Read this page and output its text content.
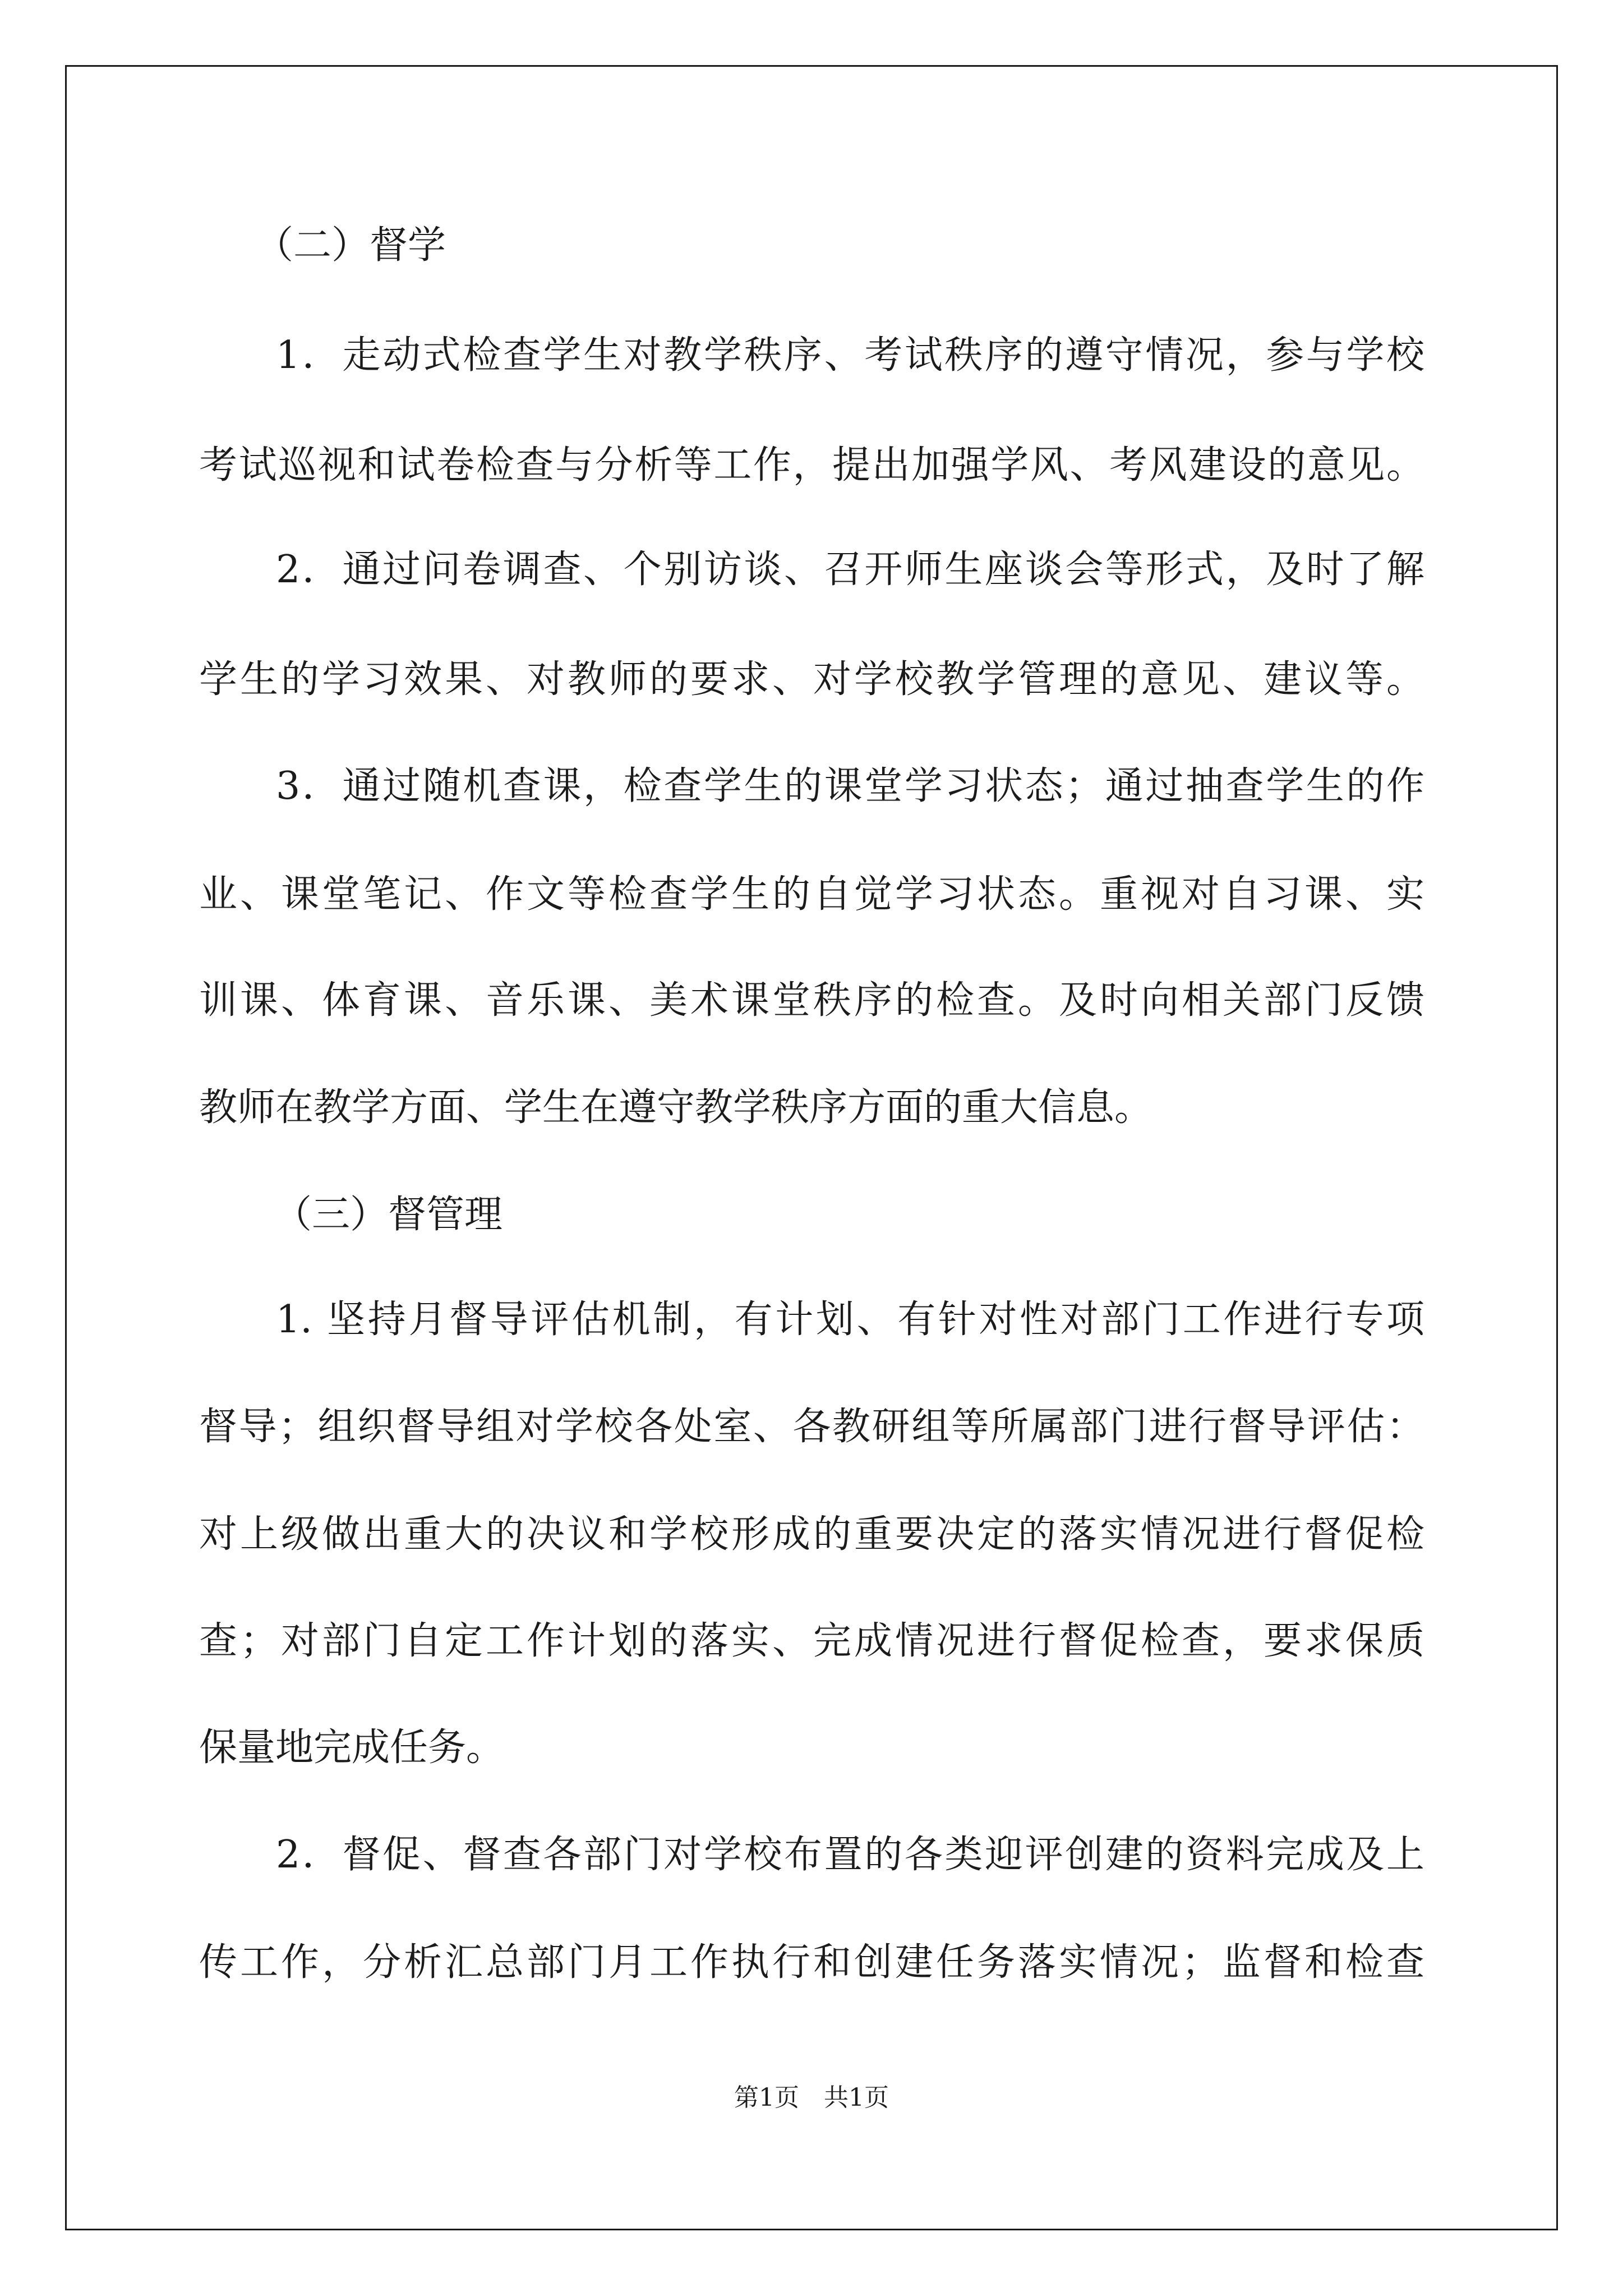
（二）督学

1．走动式检查学生对教学秩序、考试秩序的遵守情况，参与学校

考试巡视和试卷检查与分析等工作，提出加强学风、考风建设的意见。

2．通过问卷调查、个别访谈、召开师生座谈会等形式，及时了解

学生的学习效果、对教师的要求、对学校教学管理的意见、建议等。

3．通过随机查课，检查学生的课堂学习状态；通过抽查学生的作

业、课堂笔记、作文等检查学生的自觉学习状态。重视对自习课、实

训课、体育课、音乐课、美术课堂秩序的检查。及时向相关部门反馈

教师在教学方面、学生在遵守教学秩序方面的重大信息。

（三）督管理

1. 坚持月督导评估机制，有计划、有针对性对部门工作进行专项

督导；组织督导组对学校各处室、各教研组等所属部门进行督导评估：

对上级做出重大的决议和学校形成的重要决定的落实情况进行督促检

查；对部门自定工作计划的落实、完成情况进行督促检查，要求保质

保量地完成任务。

2．督促、督查各部门对学校布置的各类迎评创建的资料完成及上

传工作，分析汇总部门月工作执行和创建任务落实情况；监督和检查

第1页　共1页
